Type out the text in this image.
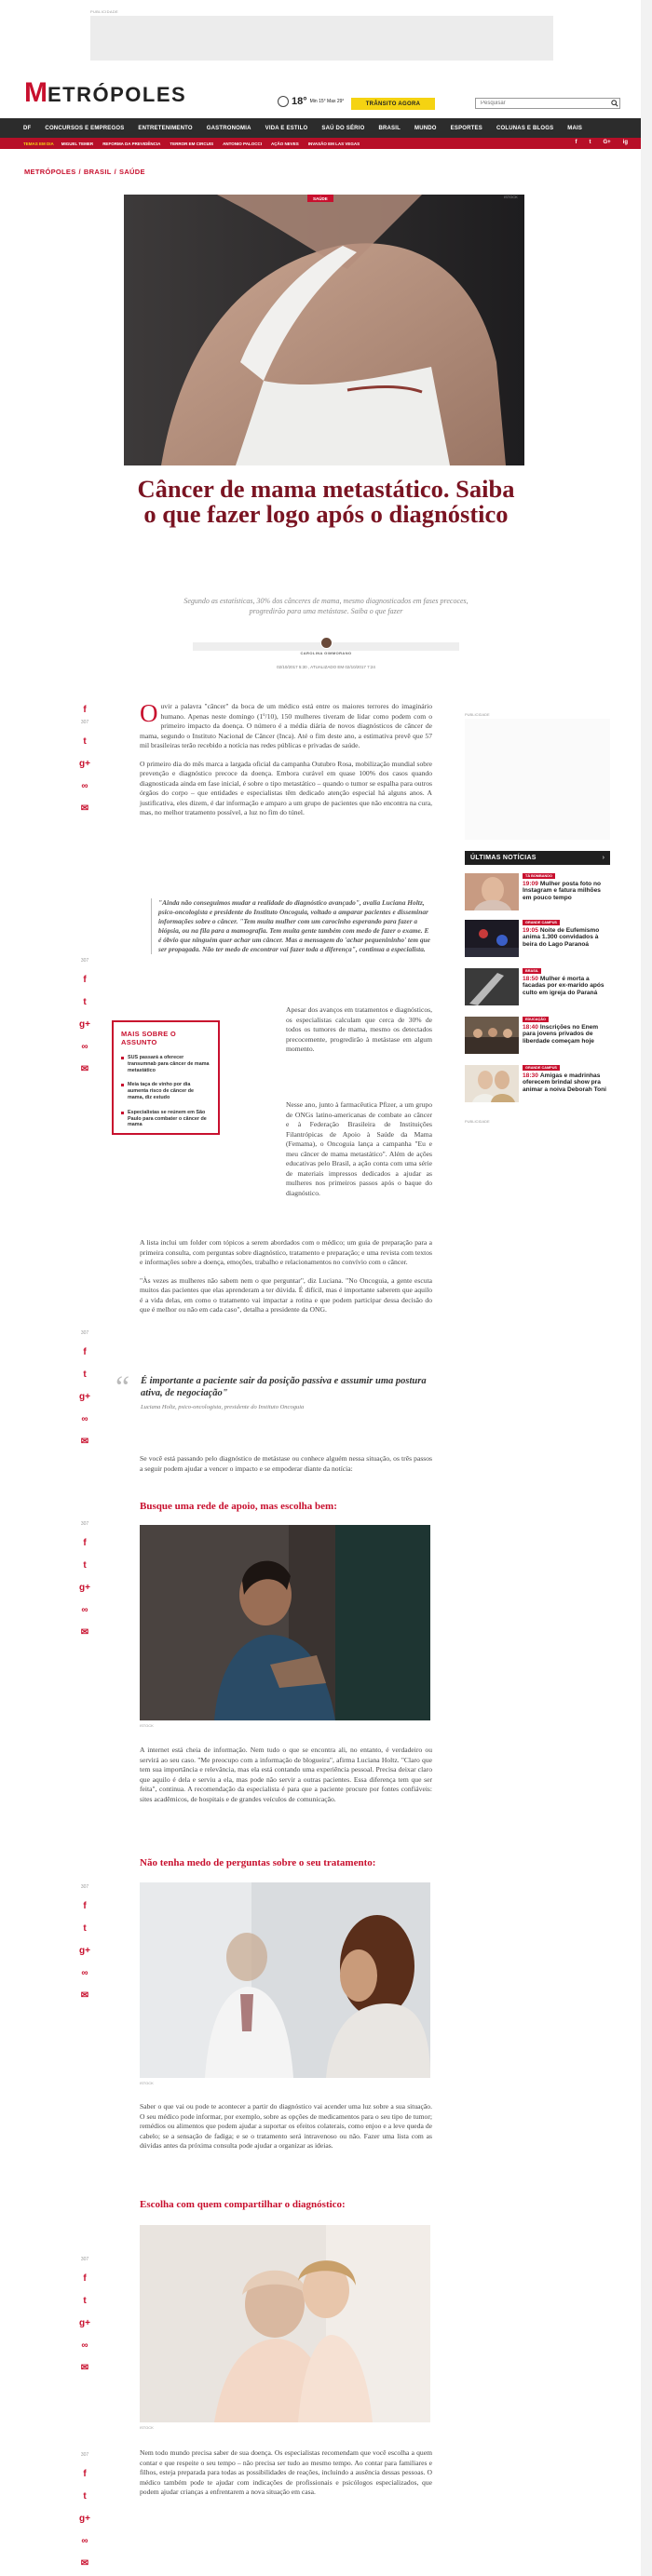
PUBLICIDADE
M ETRÓPOLES	18° Min 15° Max 29°	TRÂNSITO AGORA
Pesquisar
DF	CONCURSOS E EMPREGOS	ENTRETENIMENTO	GASTRONOMIA	VIDA E ESTILO	SAÚ DO SÉRIO	BRASIL	MUNDO	ESPORTES	COLUNAS E BLOGS	MAIS
TEMAS EM DIA MIGUEL TEMER REFORMA DA PREVIDÊNCIA TERROR EM CIRCUIS ANTONIO PALOCCI AÇÃO NEVES INVASÃO EM LAS VEGAS	f t G+ ig
METRÓPOLES / BRASIL / SAÚDE
SAÚDE	ISTOCK
Câncer de mama metastático. Saiba o que fazer logo após o diagnóstico

Segundo as estatísticas, 30% dos cânceres de mama, mesmo diagnosticados em fases precoces, progredirão para uma metástase. Saiba o que fazer

CAROLINA GIMMORANO
02/10/2017 5:30 , ATUALIZADO EM 02/10/2017 7:24
f
307
t
g+
∞
✉
307
f
t
g+
∞
✉
307
f
t
g+
∞
✉
307
f
t
g+
∞
✉
307
f
t
g+
∞
✉
307
f
t
g+
∞
✉
307
f
t
g+
∞
✉

Ouvir a palavra "câncer" da boca de um médico está entre os maiores terrores do imaginário humano. Apenas neste domingo (1º/10), 150 mulheres tiveram de lidar como podem com o primeiro impacto da doença. O número é a média diária de novos diagnósticos de câncer de mama, segundo o Instituto Nacional de Câncer (Inca). Até o fim deste ano, a estimativa prevê que 57 mil brasileiras terão recebido a notícia nas redes públicas e privadas de saúde.

O primeiro dia do mês marca a largada oficial da campanha Outubro Rosa, mobilização mundial sobre prevenção e diagnóstico precoce da doença. Embora curável em quase 100% dos casos quando diagnosticada ainda em fase inicial, é sobre o tipo metastático – quando o tumor se espalha para outros órgãos do corpo – que entidades e especialistas têm dedicado atenção especial há alguns anos. A justificativa, eles dizem, é dar informação e amparo a um grupo de pacientes que não encontra na cura, mas, no melhor tratamento possível, a luz no fim do túnel.

"Ainda não conseguimos mudar a realidade do diagnóstico avançado", avalia Luciana Holtz, psico-oncologista e presidente do Instituto Oncoguia, voltado a amparar pacientes e disseminar informações sobre o câncer. "Tem muita mulher com um carocinho esperando para fazer a biópsia, ou na fila para a mamografia. Tem muita gente também com medo de fazer o exame. E é óbvio que ninguém quer achar um câncer. Mas a mensagem do 'achar pequenininho' tem que ser propagada. Não ter medo de encontrar vai fazer toda a diferença", continua a especialista.
MAIS SOBRE O ASSUNTO
SUS passará a oferecer transumnab para câncer de mama metastático
Meia taça de vinho por dia aumenta risco de câncer de mama, diz estudo
Especialistas se reúnem em São Paulo para combater o câncer de mama

Apesar dos avanços em tratamentos e diagnósticos, os especialistas calculam que cerca de 30% de todos os tumores de mama, mesmo os detectados precocemente, progredirão à metástase em algum momento.

Nesse ano, junto à farmacêutica Pfizer, a um grupo de ONGs latino-americanas de combate ao câncer e à Federação Brasileira de Instituições Filantrópicas de Apoio à Saúde da Mama (Femama), o Oncoguia lança a campanha "Eu e meu câncer de mama metastático". Além de ações educativas pelo Brasil, a ação conta com uma série de materiais impressos dedicados a ajudar as mulheres nos primeiros passos após o baque do diagnóstico.

A lista inclui um folder com tópicos a serem abordados com o médico; um guia de preparação para a primeira consulta, com perguntas sobre diagnóstico, tratamento e preparação; e uma revista com textos e informações sobre a doença, emoções, trabalho e relacionamentos no convívio com o câncer.

"Às vezes as mulheres não sabem nem o que perguntar", diz Luciana. "No Oncoguia, a gente escuta muitos das pacientes que elas aprenderam a ter dúvida. É difícil, mas é importante saberem que aquilo é a vida delas, em como o tratamento vai impactar a rotina e que podem participar dessa decisão do que é melhor ou não em cada caso", detalha a presidente da ONG.

“ É importante a paciente sair da posição passiva e assumir uma postura ativa, de negociação"
Luciana Holtz, psico-oncologista, presidente do Instituto Oncoguia

Se você está passando pelo diagnóstico de metástase ou conhece alguém nessa situação, os três passos a seguir podem ajudar a vencer o impacto e se empoderar diante da notícia:

Busque uma rede de apoio, mas escolha bem:
ISTOCK

A internet está cheia de informação. Nem tudo o que se encontra ali, no entanto, é verdadeiro ou servirá ao seu caso. "Me preocupo com a informação de blogueira", afirma Luciana Holtz. "Claro que tem sua importância e relevância, mas ela está contando uma experiência pessoal. Precisa deixar claro que aquilo é dela e serviu a ela, mas pode não servir a outras pacientes. Essa diferença tem que ser feita", continua. A recomendação da especialista é para que a paciente procure por fontes confiáveis: sites acadêmicos, de hospitais e de grandes veículos de comunicação.

Não tenha medo de perguntas sobre o seu tratamento:
ISTOCK

Saber o que vai ou pode te acontecer a partir do diagnóstico vai acender uma luz sobre a sua situação. O seu médico pode informar, por exemplo, sobre as opções de medicamentos para o seu tipo de tumor; remédios ou alimentos que podem ajudar a suportar os efeitos colaterais, como enjoo e a leve queda de cabelo; se a sensação de fadiga; e se o tratamento será intravenoso ou não. Fazer uma lista com as dúvidas antes da próxima consulta pode ajudar a organizar as ideias.

Escolha com quem compartilhar o diagnóstico:
ISTOCK

Nem todo mundo precisa saber de sua doença. Os especialistas recomendam que você escolha a quem contar e que respeite o seu tempo – não precisa ser tudo ao mesmo tempo. Ao contar para familiares e filhos, esteja preparada para todas as possibilidades de reações, incluindo a ausência dessas pessoas. O médico também pode te ajudar com indicações de profissionais e psicólogos especializados, que podem ajudar crianças a enfrentarem a nova situação em casa.

PUBLICIDADE
ÚLTIMAS NOTÍCIAS	›
TÁ BOMBANDO
19:09 Mulher posta foto no Instagram e fatura milhões em pouco tempo
GRANDE CAMPUS
19:05 Noite de Eufemismo anima 1.300 convidados à beira do Lago Paranoá
BRASIL
18:50 Mulher é morta a facadas por ex-marido após culto em igreja do Paraná
EDUCAÇÃO
18:40 Inscrições no Enem para jovens privados de liberdade começam hoje
GRANDE CAMPUS
18:30 Amigas e madrinhas oferecem brindal show pra animar a noiva Deborah Toni
PUBLICIDADE
